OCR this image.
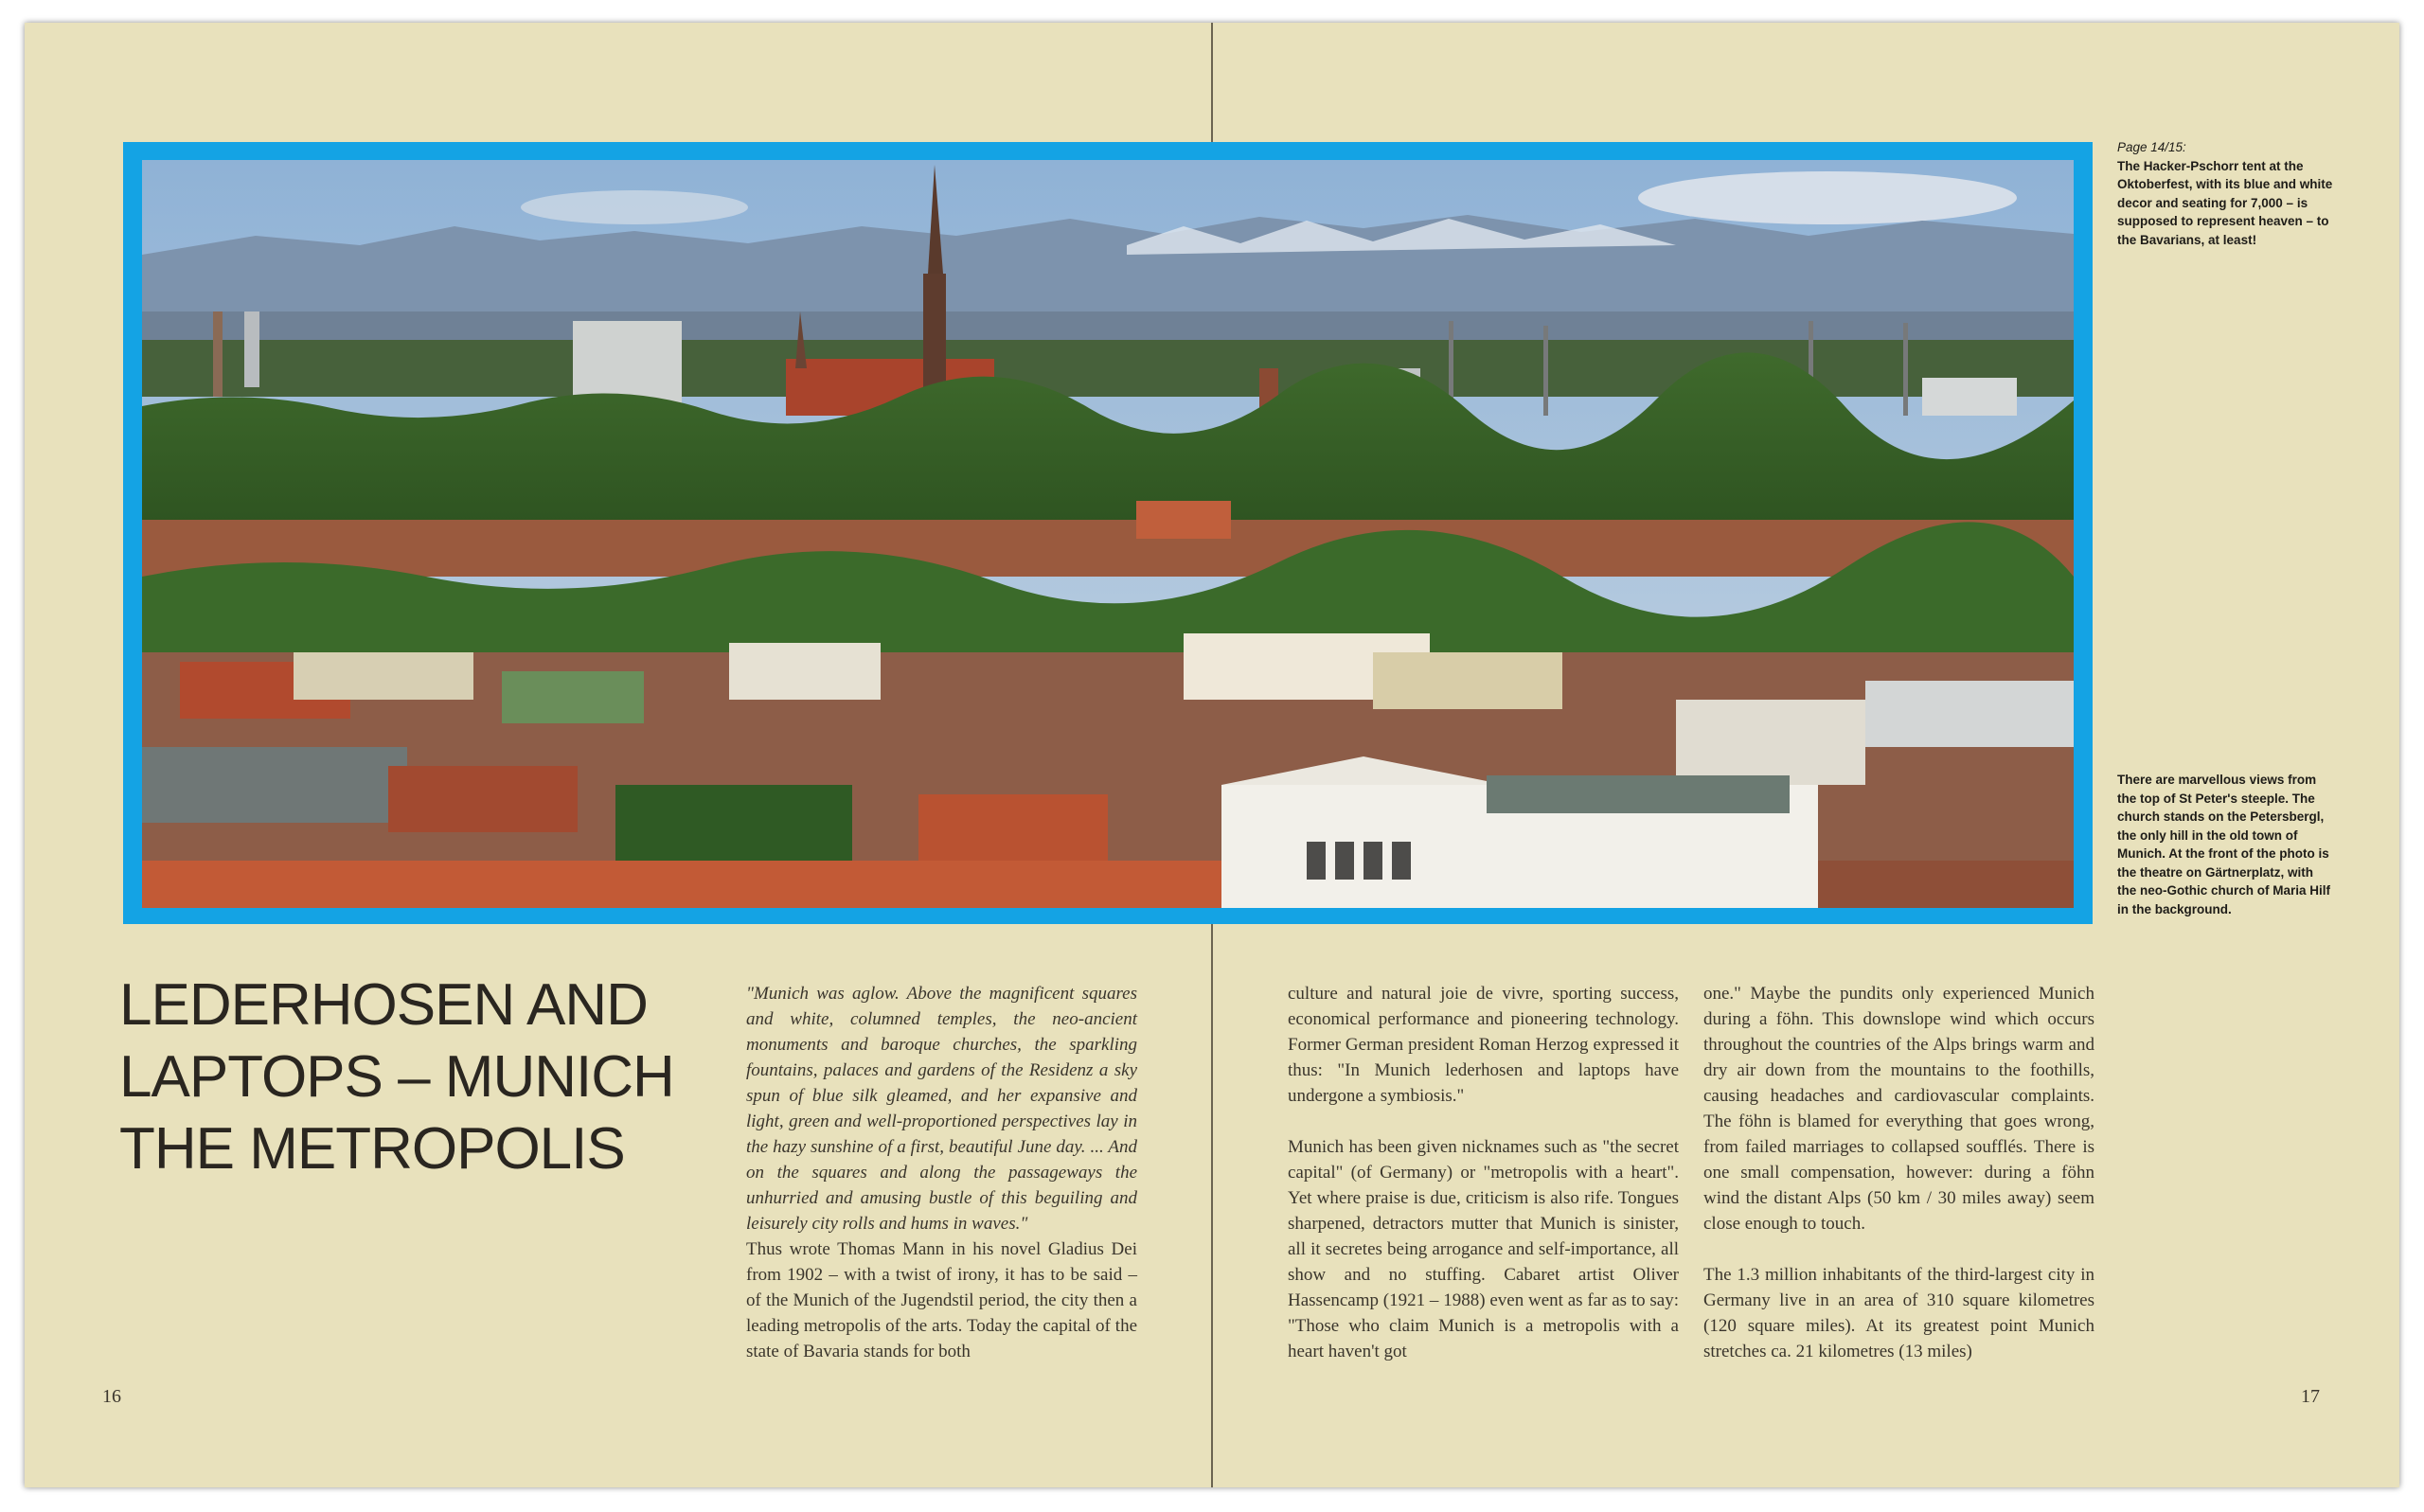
Page 14/15:
The Hacker-Pschorr tent at the Oktoberfest, with its blue and white decor and seating for 7,000 – is supposed to represent heaven – to the Bavarians, at least!
There are marvellous views from the top of St Peter's steeple. The church stands on the Petersbergl, the only hill in the old town of Munich. At the front of the photo is the theatre on Gärtnerplatz, with the neo-Gothic church of Maria Hilf in the background.
LEDERHOSEN AND
LAPTOPS – MUNICH
THE METROPOLIS

"Munich was aglow. Above the magnificent squares and white, columned temples, the neo-ancient monuments and baroque churches, the sparkling fountains, palaces and gardens of the Residenz a sky spun of blue silk gleamed, and her expansive and light, green and well-proportioned perspectives lay in the hazy sunshine of a first, beautiful June day. ... And on the squares and along the passageways the unhurried and amusing bustle of this beguiling and leisurely city rolls and hums in waves."

Thus wrote Thomas Mann in his novel Gladius Dei from 1902 – with a twist of irony, it has to be said – of the Munich of the Jugendstil period, the city then a leading metropolis of the arts. Today the capital of the state of Bavaria stands for both

culture and natural joie de vivre, sporting success, economical performance and pioneering technology. Former German president Roman Herzog expressed it thus: "In Munich lederhosen and laptops have undergone a symbiosis."

Munich has been given nicknames such as "the secret capital" (of Germany) or "metropolis with a heart". Yet where praise is due, criticism is also rife. Tongues sharpened, detractors mutter that Munich is sinister, all it secretes being arrogance and self-importance, all show and no stuffing. Cabaret artist Oliver Hassencamp (1921 – 1988) even went as far as to say: "Those who claim Munich is a metropolis with a heart haven't got

one." Maybe the pundits only experienced Munich during a föhn. This downslope wind which occurs throughout the countries of the Alps brings warm and dry air down from the mountains to the foothills, causing headaches and cardiovascular complaints. The föhn is blamed for everything that goes wrong, from failed marriages to collapsed soufflés. There is one small compensation, however: during a föhn wind the distant Alps (50 km / 30 miles away) seem close enough to touch.

The 1.3 million inhabitants of the third-largest city in Germany live in an area of 310 square kilometres (120 square miles). At its greatest point Munich stretches ca. 21 kilometres (13 miles)

16	17
